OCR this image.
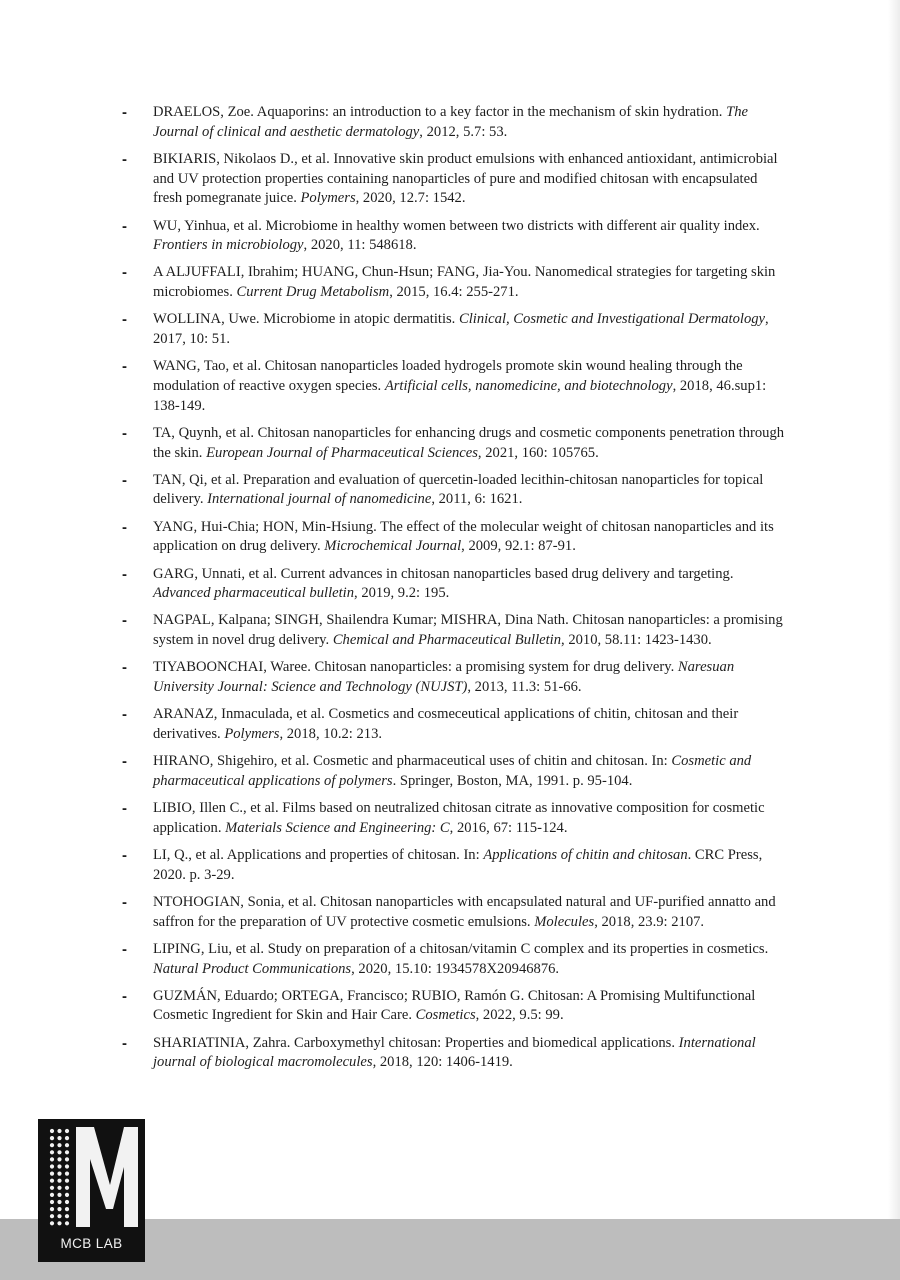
-	DRAELOS, Zoe. Aquaporins: an introduction to a key factor in the mechanism of skin hydration. The Journal of clinical and aesthetic dermatology, 2012, 5.7: 53.
-	BIKIARIS, Nikolaos D., et al. Innovative skin product emulsions with enhanced antioxidant, antimicrobial and UV protection properties containing nanoparticles of pure and modified chitosan with encapsulated fresh pomegranate juice. Polymers, 2020, 12.7: 1542.
-	WU, Yinhua, et al. Microbiome in healthy women between two districts with different air quality index. Frontiers in microbiology, 2020, 11: 548618.
-	A ALJUFFALI, Ibrahim; HUANG, Chun-Hsun; FANG, Jia-You. Nanomedical strategies for targeting skin microbiomes. Current Drug Metabolism, 2015, 16.4: 255-271.
-	WOLLINA, Uwe. Microbiome in atopic dermatitis. Clinical, Cosmetic and Investigational Dermatology, 2017, 10: 51.
-	WANG, Tao, et al. Chitosan nanoparticles loaded hydrogels promote skin wound healing through the modulation of reactive oxygen species. Artificial cells, nanomedicine, and biotechnology, 2018, 46.sup1: 138-149.
-	TA, Quynh, et al. Chitosan nanoparticles for enhancing drugs and cosmetic components penetration through the skin. European Journal of Pharmaceutical Sciences, 2021, 160: 105765.
-	TAN, Qi, et al. Preparation and evaluation of quercetin-loaded lecithin-chitosan nanoparticles for topical delivery. International journal of nanomedicine, 2011, 6: 1621.
-	YANG, Hui-Chia; HON, Min-Hsiung. The effect of the molecular weight of chitosan nanoparticles and its application on drug delivery. Microchemical Journal, 2009, 92.1: 87-91.
-	GARG, Unnati, et al. Current advances in chitosan nanoparticles based drug delivery and targeting. Advanced pharmaceutical bulletin, 2019, 9.2: 195.
-	NAGPAL, Kalpana; SINGH, Shailendra Kumar; MISHRA, Dina Nath. Chitosan nanoparticles: a promising system in novel drug delivery. Chemical and Pharmaceutical Bulletin, 2010, 58.11: 1423-1430.
-	TIYABOONCHAI, Waree. Chitosan nanoparticles: a promising system for drug delivery. Naresuan University Journal: Science and Technology (NUJST), 2013, 11.3: 51-66.
-	ARANAZ, Inmaculada, et al. Cosmetics and cosmeceutical applications of chitin, chitosan and their derivatives. Polymers, 2018, 10.2: 213.
-	HIRANO, Shigehiro, et al. Cosmetic and pharmaceutical uses of chitin and chitosan. In: Cosmetic and pharmaceutical applications of polymers. Springer, Boston, MA, 1991. p. 95-104.
-	LIBIO, Illen C., et al. Films based on neutralized chitosan citrate as innovative composition for cosmetic application. Materials Science and Engineering: C, 2016, 67: 115-124.
-	LI, Q., et al. Applications and properties of chitosan. In: Applications of chitin and chitosan. CRC Press, 2020. p. 3-29.
-	NTOHOGIAN, Sonia, et al. Chitosan nanoparticles with encapsulated natural and UF-purified annatto and saffron for the preparation of UV protective cosmetic emulsions. Molecules, 2018, 23.9: 2107.
-	LIPING, Liu, et al. Study on preparation of a chitosan/vitamin C complex and its properties in cosmetics. Natural Product Communications, 2020, 15.10: 1934578X20946876.
-	GUZMÁN, Eduardo; ORTEGA, Francisco; RUBIO, Ramón G. Chitosan: A Promising Multifunctional Cosmetic Ingredient for Skin and Hair Care. Cosmetics, 2022, 9.5: 99.
-	SHARIATINIA, Zahra. Carboxymethyl chitosan: Properties and biomedical applications. International journal of biological macromolecules, 2018, 120: 1406-1419.
MCB LAB
